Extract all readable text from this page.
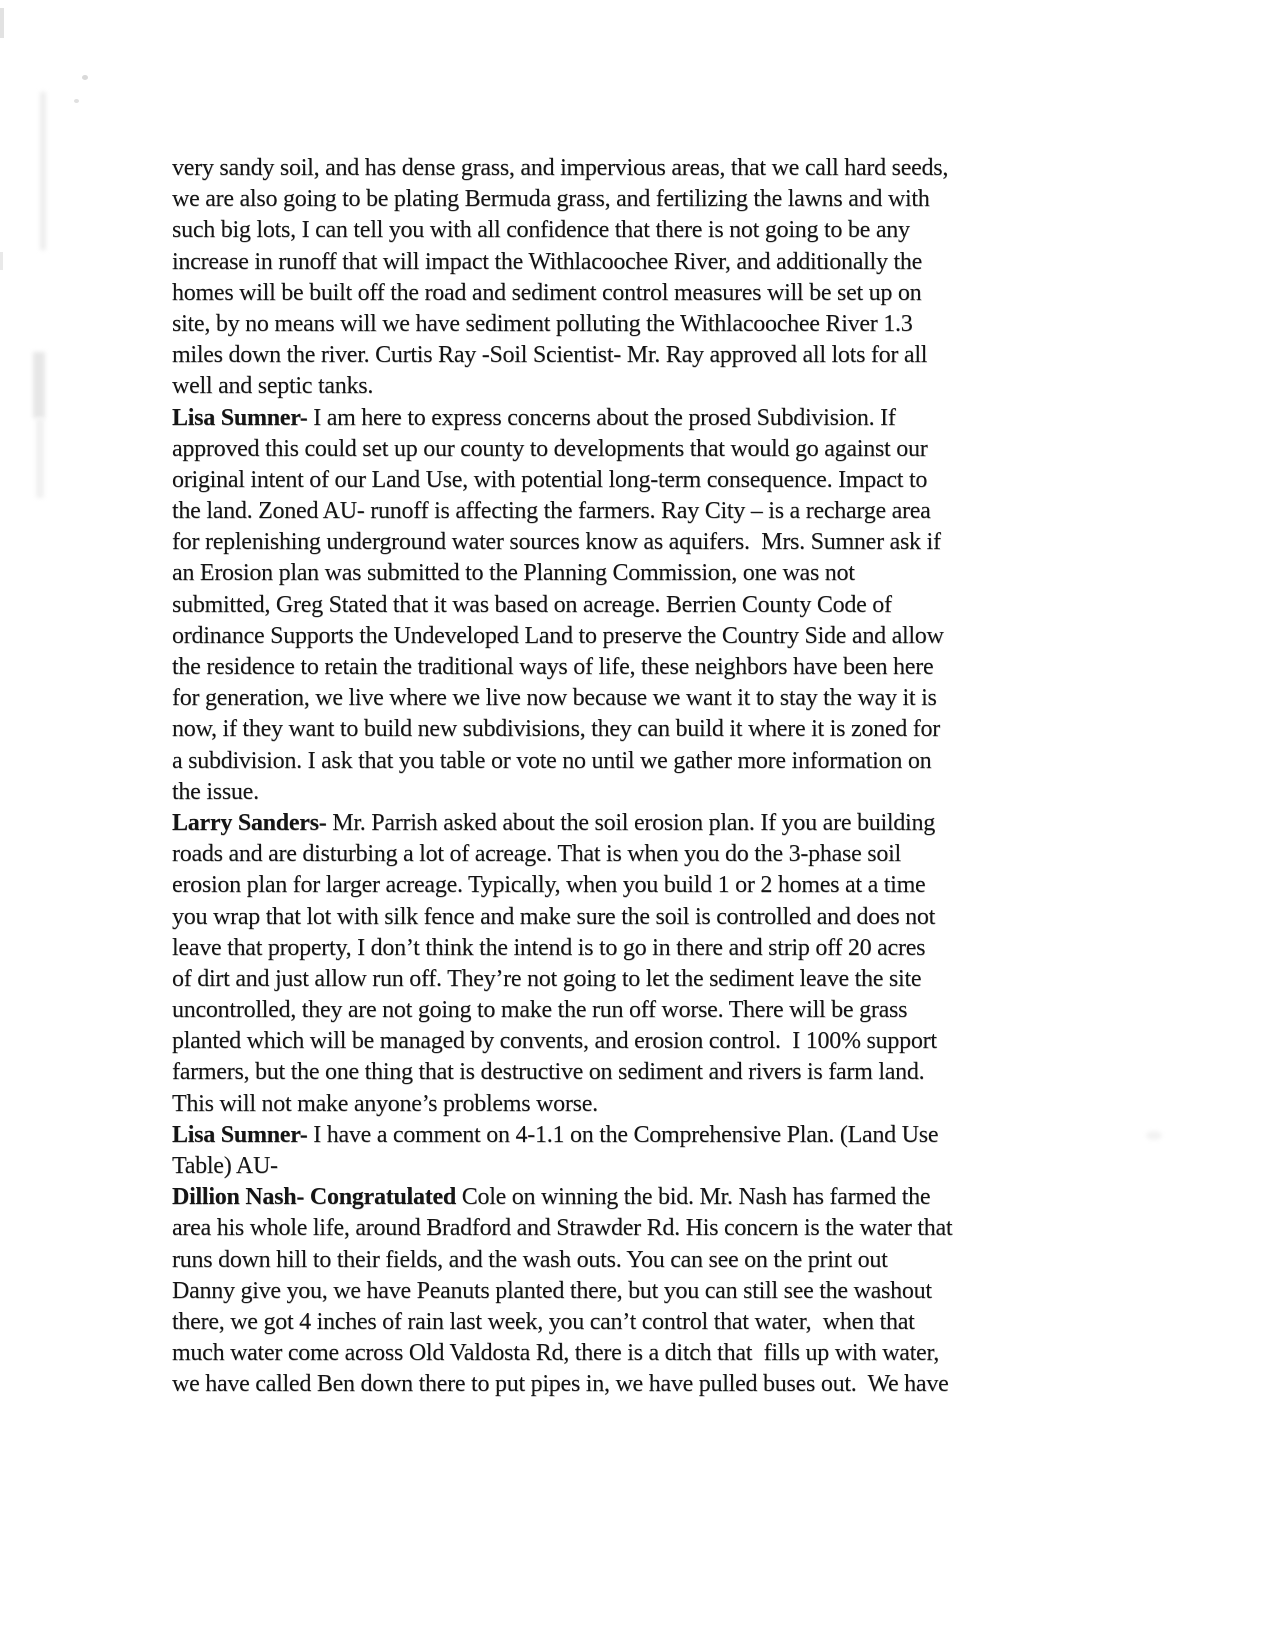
very sandy soil, and has dense grass, and impervious areas, that we call hard seeds,
we are also going to be plating Bermuda grass, and fertilizing the lawns and with
such big lots, I can tell you with all confidence that there is not going to be any
increase in runoff that will impact the Withlacoochee River, and additionally the
homes will be built off the road and sediment control measures will be set up on
site, by no means will we have sediment polluting the Withlacoochee River 1.3
miles down the river. Curtis Ray -Soil Scientist- Mr. Ray approved all lots for all
well and septic tanks.
Lisa Sumner- I am here to express concerns about the prosed Subdivision. If
approved this could set up our county to developments that would go against our
original intent of our Land Use, with potential long-term consequence. Impact to
the land. Zoned AU- runoff is affecting the farmers. Ray City – is a recharge area
for replenishing underground water sources know as aquifers.  Mrs. Sumner ask if
an Erosion plan was submitted to the Planning Commission, one was not
submitted, Greg Stated that it was based on acreage. Berrien County Code of
ordinance Supports the Undeveloped Land to preserve the Country Side and allow
the residence to retain the traditional ways of life, these neighbors have been here
for generation, we live where we live now because we want it to stay the way it is
now, if they want to build new subdivisions, they can build it where it is zoned for
a subdivision. I ask that you table or vote no until we gather more information on
the issue.
Larry Sanders- Mr. Parrish asked about the soil erosion plan. If you are building
roads and are disturbing a lot of acreage. That is when you do the 3-phase soil
erosion plan for larger acreage. Typically, when you build 1 or 2 homes at a time
you wrap that lot with silk fence and make sure the soil is controlled and does not
leave that property, I don’t think the intend is to go in there and strip off 20 acres
of dirt and just allow run off. They’re not going to let the sediment leave the site
uncontrolled, they are not going to make the run off worse. There will be grass
planted which will be managed by convents, and erosion control.  I 100% support
farmers, but the one thing that is destructive on sediment and rivers is farm land.
This will not make anyone’s problems worse.
Lisa Sumner- I have a comment on 4-1.1 on the Comprehensive Plan. (Land Use
Table) AU-
Dillion Nash- Congratulated Cole on winning the bid. Mr. Nash has farmed the
area his whole life, around Bradford and Strawder Rd. His concern is the water that
runs down hill to their fields, and the wash outs. You can see on the print out
Danny give you, we have Peanuts planted there, but you can still see the washout
there, we got 4 inches of rain last week, you can’t control that water,  when that
much water come across Old Valdosta Rd, there is a ditch that  fills up with water,
we have called Ben down there to put pipes in, we have pulled buses out.  We have
